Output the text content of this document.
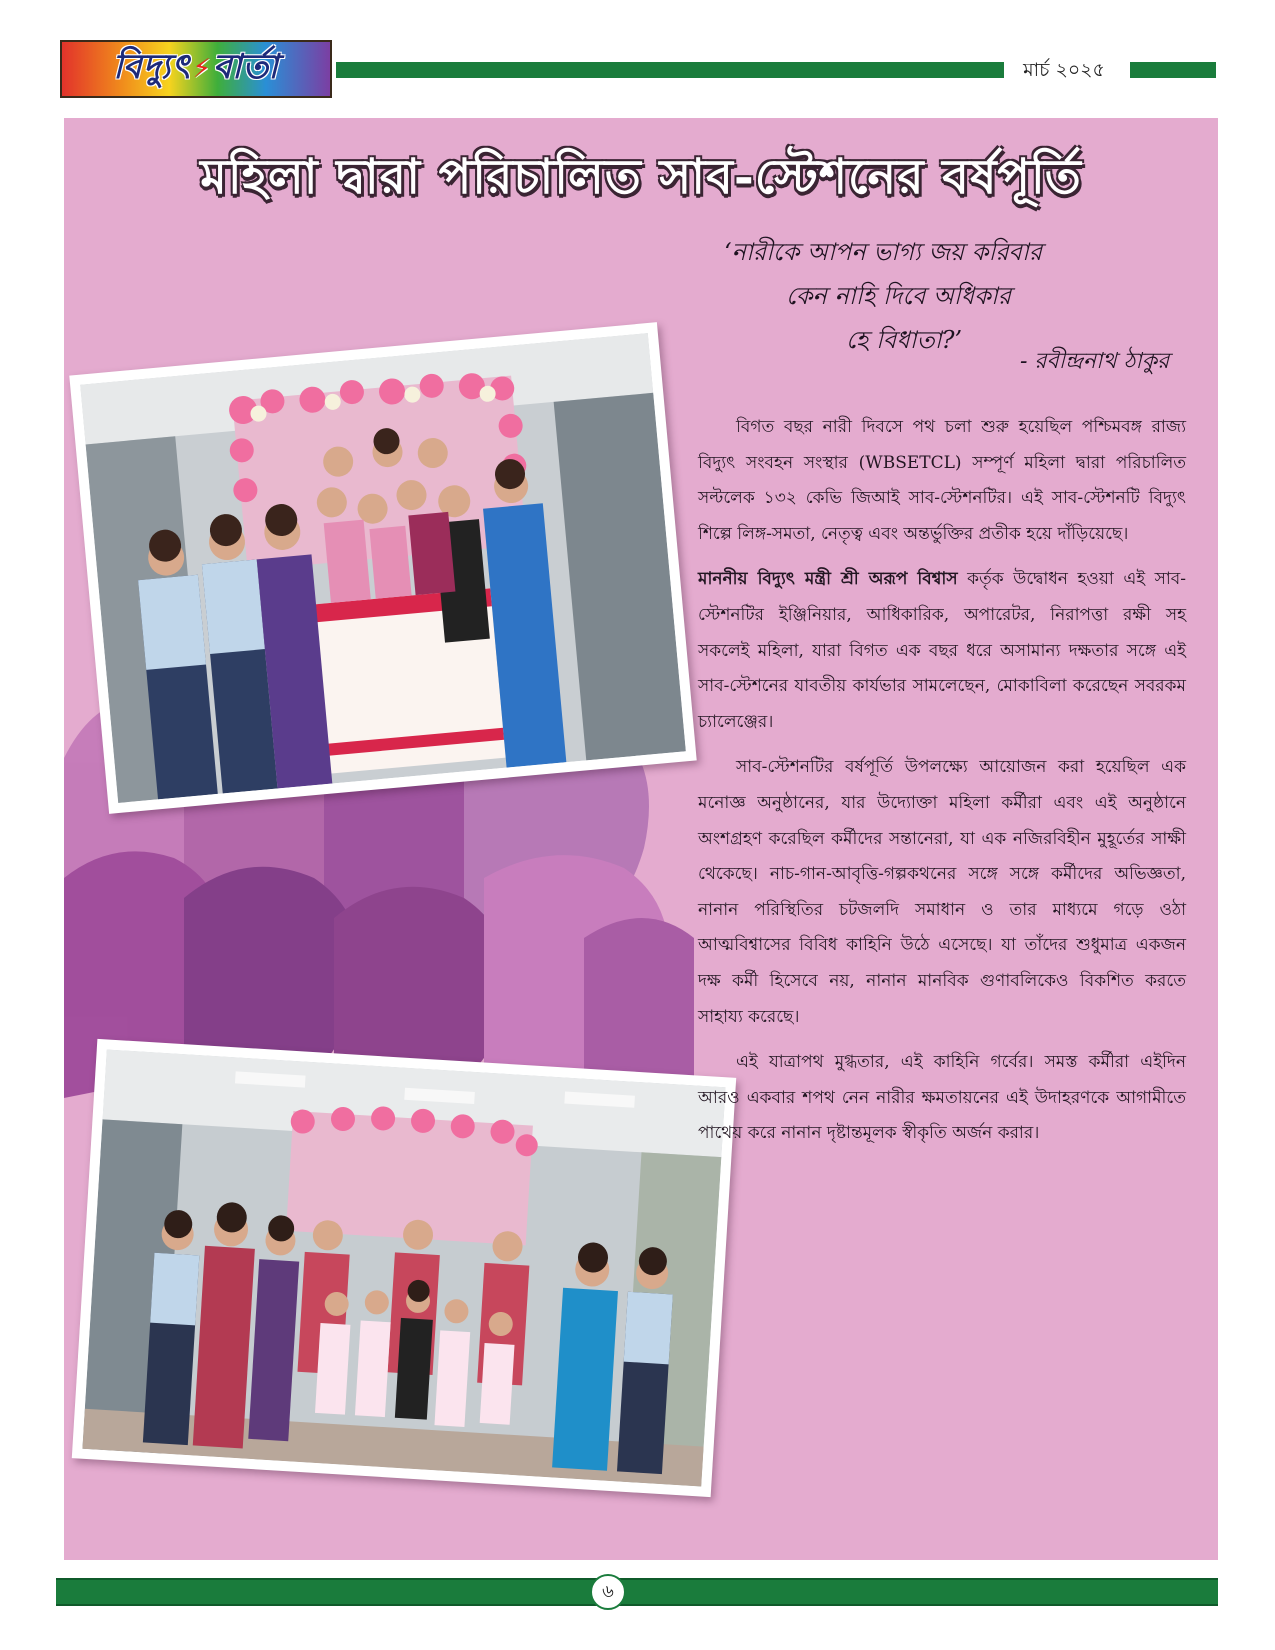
বিদ্যুৎ ⚡ বার্তা	মার্চ ২০২৫
মহিলা দ্বারা পরিচালিত সাব-স্টেশনের বর্ষপূর্তি
‘নারীকে আপন ভাগ্য জয় করিবার
কেন নাহি দিবে অধিকার
হে বিধাতা?’
- রবীন্দ্রনাথ ঠাকুর

বিগত বছর নারী দিবসে পথ চলা শুরু হয়েছিল পশ্চিমবঙ্গ রাজ্য বিদ্যুৎ সংবহন সংস্থার (WBSETCL) সম্পূর্ণ মহিলা দ্বারা পরিচালিত সল্টলেক ১৩২ কেভি জিআই সাব-স্টেশনটির। এই সাব-স্টেশনটি বিদ্যুৎ শিল্পে লিঙ্গ-সমতা, নেতৃত্ব এবং অন্তর্ভুক্তির প্রতীক হয়ে দাঁড়িয়েছে।

মাননীয় বিদ্যুৎ মন্ত্রী শ্রী অরূপ বিশ্বাস কর্তৃক উদ্বোধন হওয়া এই সাব-স্টেশনটির ইঞ্জিনিয়ার, আধিকারিক, অপারেটর, নিরাপত্তা রক্ষী সহ সকলেই মহিলা, যারা বিগত এক বছর ধরে অসামান্য দক্ষতার সঙ্গে এই সাব-স্টেশনের যাবতীয় কার্যভার সামলেছেন, মোকাবিলা করেছেন সবরকম চ্যালেঞ্জের।

সাব-স্টেশনটির বর্ষপূর্তি উপলক্ষ্যে আয়োজন করা হয়েছিল এক মনোজ্ঞ অনুষ্ঠানের, যার উদ্যোক্তা মহিলা কর্মীরা এবং এই অনুষ্ঠানে অংশগ্রহণ করেছিল কর্মীদের সন্তানেরা, যা এক নজিরবিহীন মুহূর্তের সাক্ষী থেকেছে। নাচ-গান-আবৃত্তি-গল্পকথনের সঙ্গে সঙ্গে কর্মীদের অভিজ্ঞতা, নানান পরিস্থিতির চটজলদি সমাধান ও তার মাধ্যমে গড়ে ওঠা আত্মবিশ্বাসের বিবিধ কাহিনি উঠে এসেছে। যা তাঁদের শুধুমাত্র একজন দক্ষ কর্মী হিসেবে নয়, নানান মানবিক গুণাবলিকেও বিকশিত করতে সাহায্য করেছে।

এই যাত্রাপথ মুগ্ধতার, এই কাহিনি গর্বের। সমস্ত কর্মীরা এইদিন আরও একবার শপথ নেন নারীর ক্ষমতায়নের এই উদাহরণকে আগামীতে পাথেয় করে নানান দৃষ্টান্তমূলক স্বীকৃতি অর্জন করার।

৬
